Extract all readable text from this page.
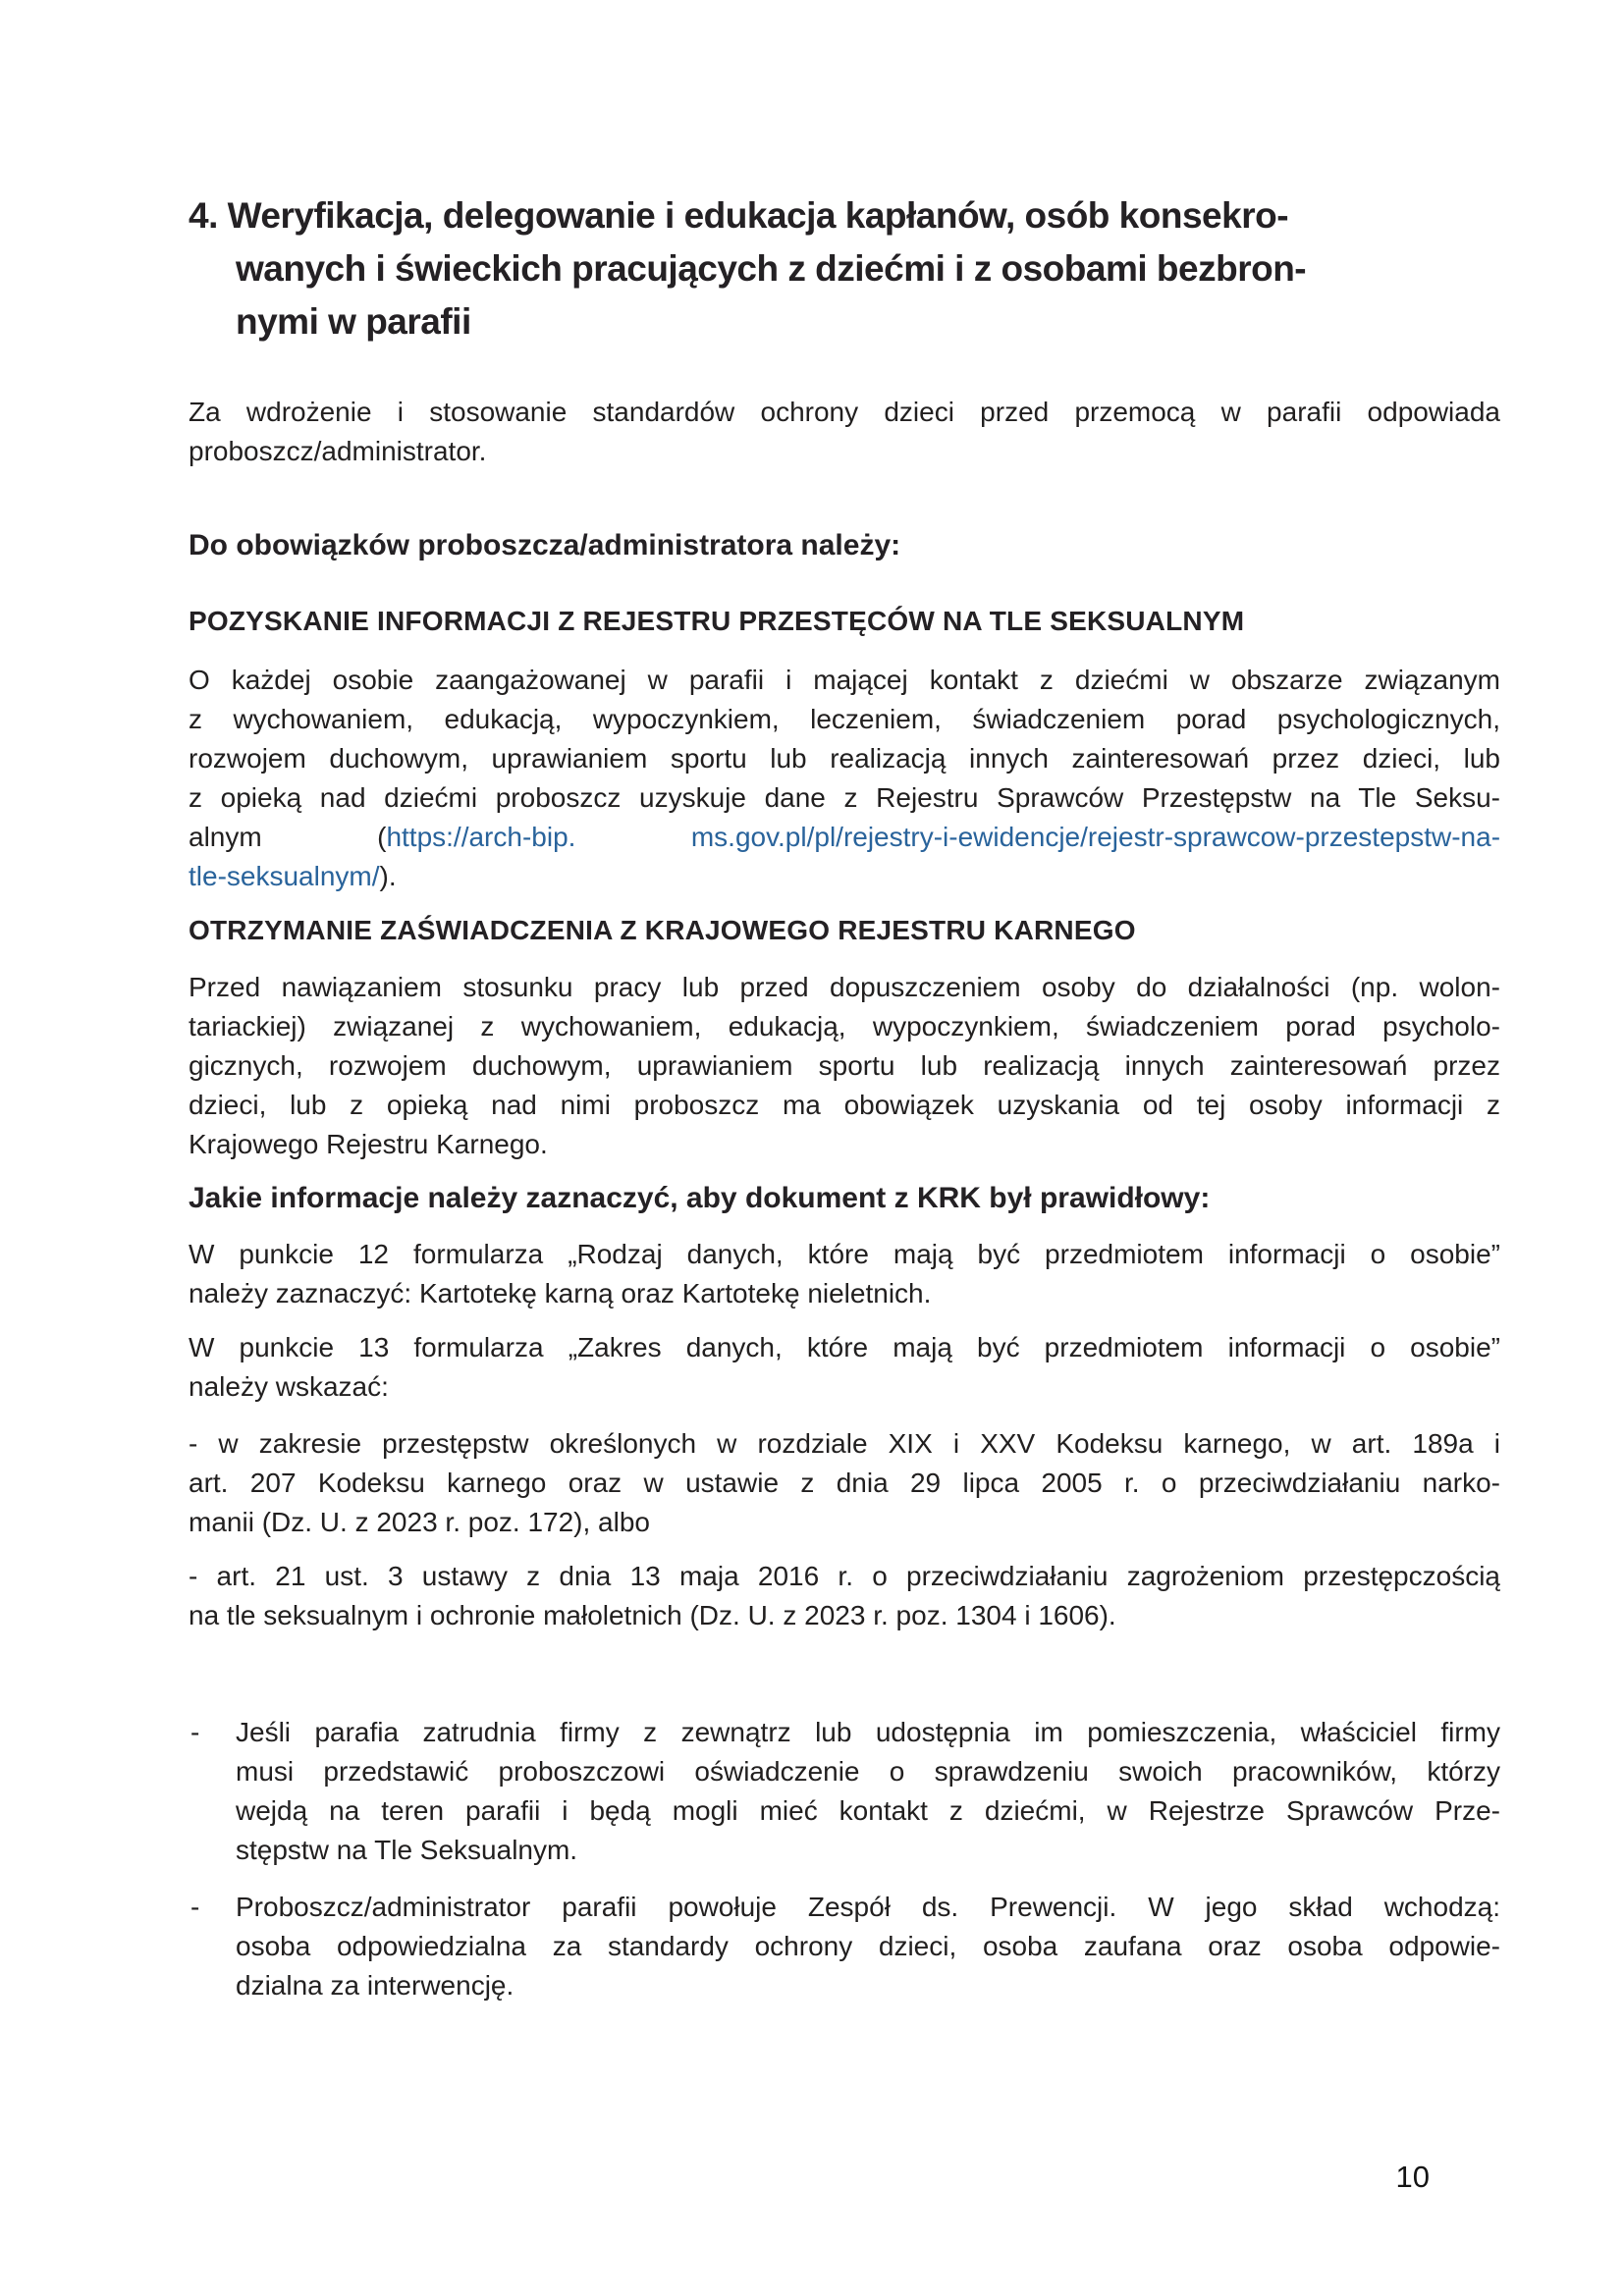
4. Weryfikacja, delegowanie i edukacja kapłanów, osób konsekro-
wanych i świeckich pracujących z dziećmi i z osobami bezbron-
nymi w parafii
Za wdrożenie i stosowanie standardów ochrony dzieci przed przemocą w parafii odpowiada
proboszcz/administrator.
Do obowiązków proboszcza/administratora należy:
POZYSKANIE INFORMACJI Z REJESTRU PRZESTĘCÓW NA TLE SEKSUALNYM
O każdej osobie zaangażowanej w parafii i mającej kontakt z dziećmi w obszarze związanym
z wychowaniem, edukacją, wypoczynkiem, leczeniem, świadczeniem porad psychologicznych,
rozwojem duchowym, uprawianiem sportu lub realizacją innych zainteresowań przez dzieci, lub
z opieką nad dziećmi proboszcz uzyskuje dane z Rejestru Sprawców Przestępstw na Tle Seksu-
alnym (https://arch-bip.	ms.gov.pl/pl/rejestry-i-ewidencje/rejestr-sprawcow-przestepstw-na-
tle-seksualnym/).
OTRZYMANIE ZAŚWIADCZENIA Z KRAJOWEGO REJESTRU KARNEGO
Przed nawiązaniem stosunku pracy lub przed dopuszczeniem osoby do działalności (np. wolon-
tariackiej) związanej z wychowaniem, edukacją, wypoczynkiem, świadczeniem porad psycholo-
gicznych, rozwojem duchowym, uprawianiem sportu lub realizacją innych zainteresowań przez
dzieci, lub z opieką nad nimi proboszcz ma obowiązek uzyskania od tej osoby informacji z
Krajowego Rejestru Karnego.
Jakie informacje należy zaznaczyć, aby dokument z KRK był prawidłowy:
W punkcie 12 formularza „Rodzaj danych, które mają być przedmiotem informacji o osobie”
należy zaznaczyć: Kartotekę karną oraz Kartotekę nieletnich.
W punkcie 13 formularza „Zakres danych, które mają być przedmiotem informacji o osobie”
należy wskazać:
- w zakresie przestępstw określonych w rozdziale XIX i XXV Kodeksu karnego, w art. 189a i
art. 207 Kodeksu karnego oraz w ustawie z dnia 29 lipca 2005 r. o przeciwdziałaniu narko-
manii (Dz. U. z 2023 r. poz. 172), albo
- art. 21 ust. 3 ustawy z dnia 13 maja 2016 r. o przeciwdziałaniu zagrożeniom przestępczością
na tle seksualnym i ochronie małoletnich (Dz. U. z 2023 r. poz. 1304 i 1606).
- Jeśli parafia zatrudnia firmy z zewnątrz lub udostępnia im pomieszczenia, właściciel firmy
musi przedstawić proboszczowi oświadczenie o sprawdzeniu swoich pracowników, którzy
wejdą na teren parafii i będą mogli mieć kontakt z dziećmi, w Rejestrze Sprawców Prze-
stępstw na Tle Seksualnym.
- Proboszcz/administrator parafii powołuje Zespół ds. Prewencji. W jego skład wchodzą:
osoba odpowiedzialna za standardy ochrony dzieci, osoba zaufana oraz osoba odpowie-
dzialna za interwencję.
10
